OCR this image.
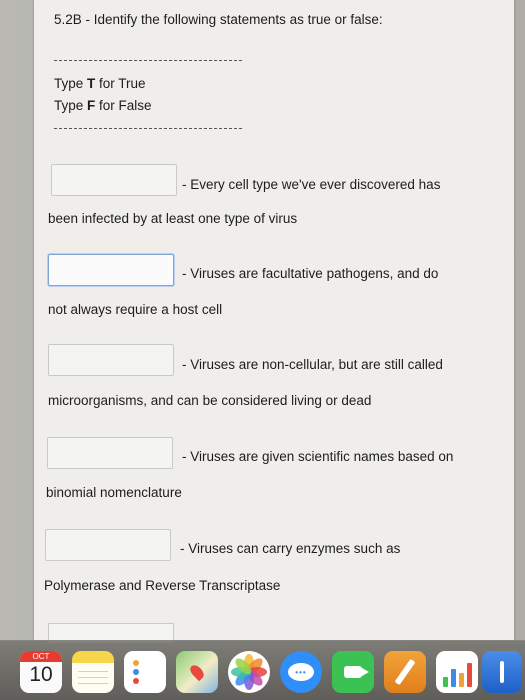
5.2B - Identify the following statements as true or false:
Type T for True
Type F for False
- Every cell type we've ever discovered has
been infected by at least one type of virus
- Viruses are facultative pathogens, and do
not always require a host cell
- Viruses are non-cellular, but are still called
microorganisms, and can be considered living or dead
- Viruses are given scientific names based on
binomial nomenclature
- Viruses can carry enzymes such as
Polymerase and Reverse Transcriptase
OCT
10	•••
